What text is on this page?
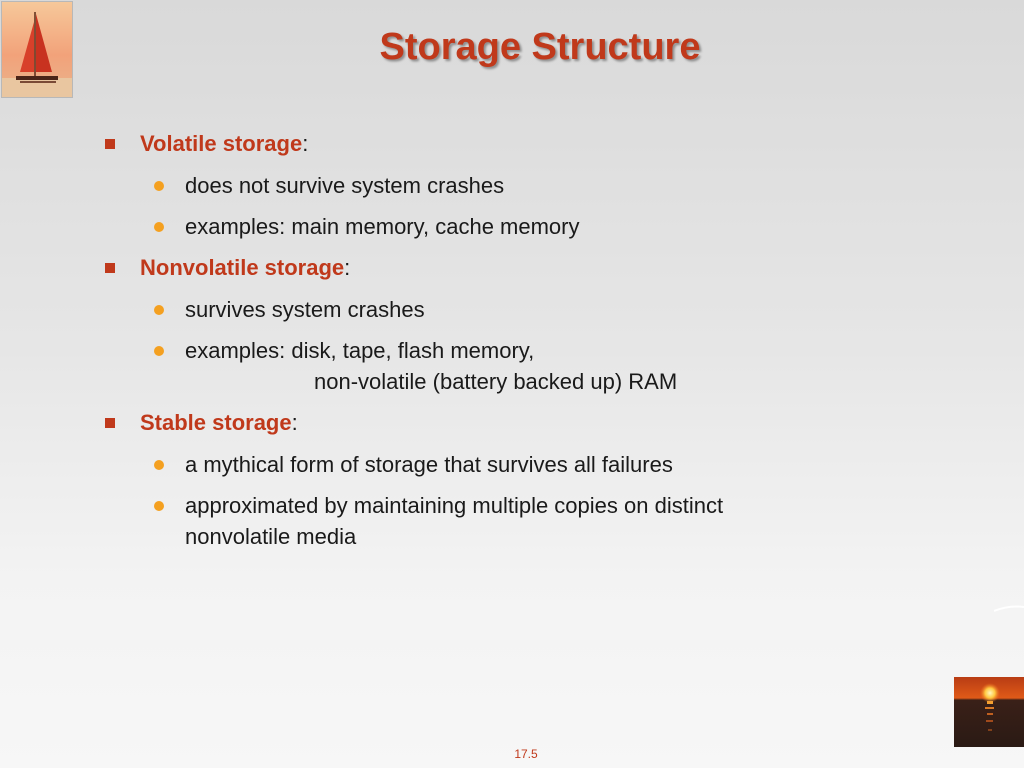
Storage Structure
Volatile storage:
does not survive system crashes
examples: main memory, cache memory
Nonvolatile storage:
survives system crashes
examples: disk, tape, flash memory,
non-volatile (battery backed up) RAM
Stable storage:
a mythical form of storage that survives all failures
approximated by maintaining multiple copies on distinct nonvolatile media
17.5
